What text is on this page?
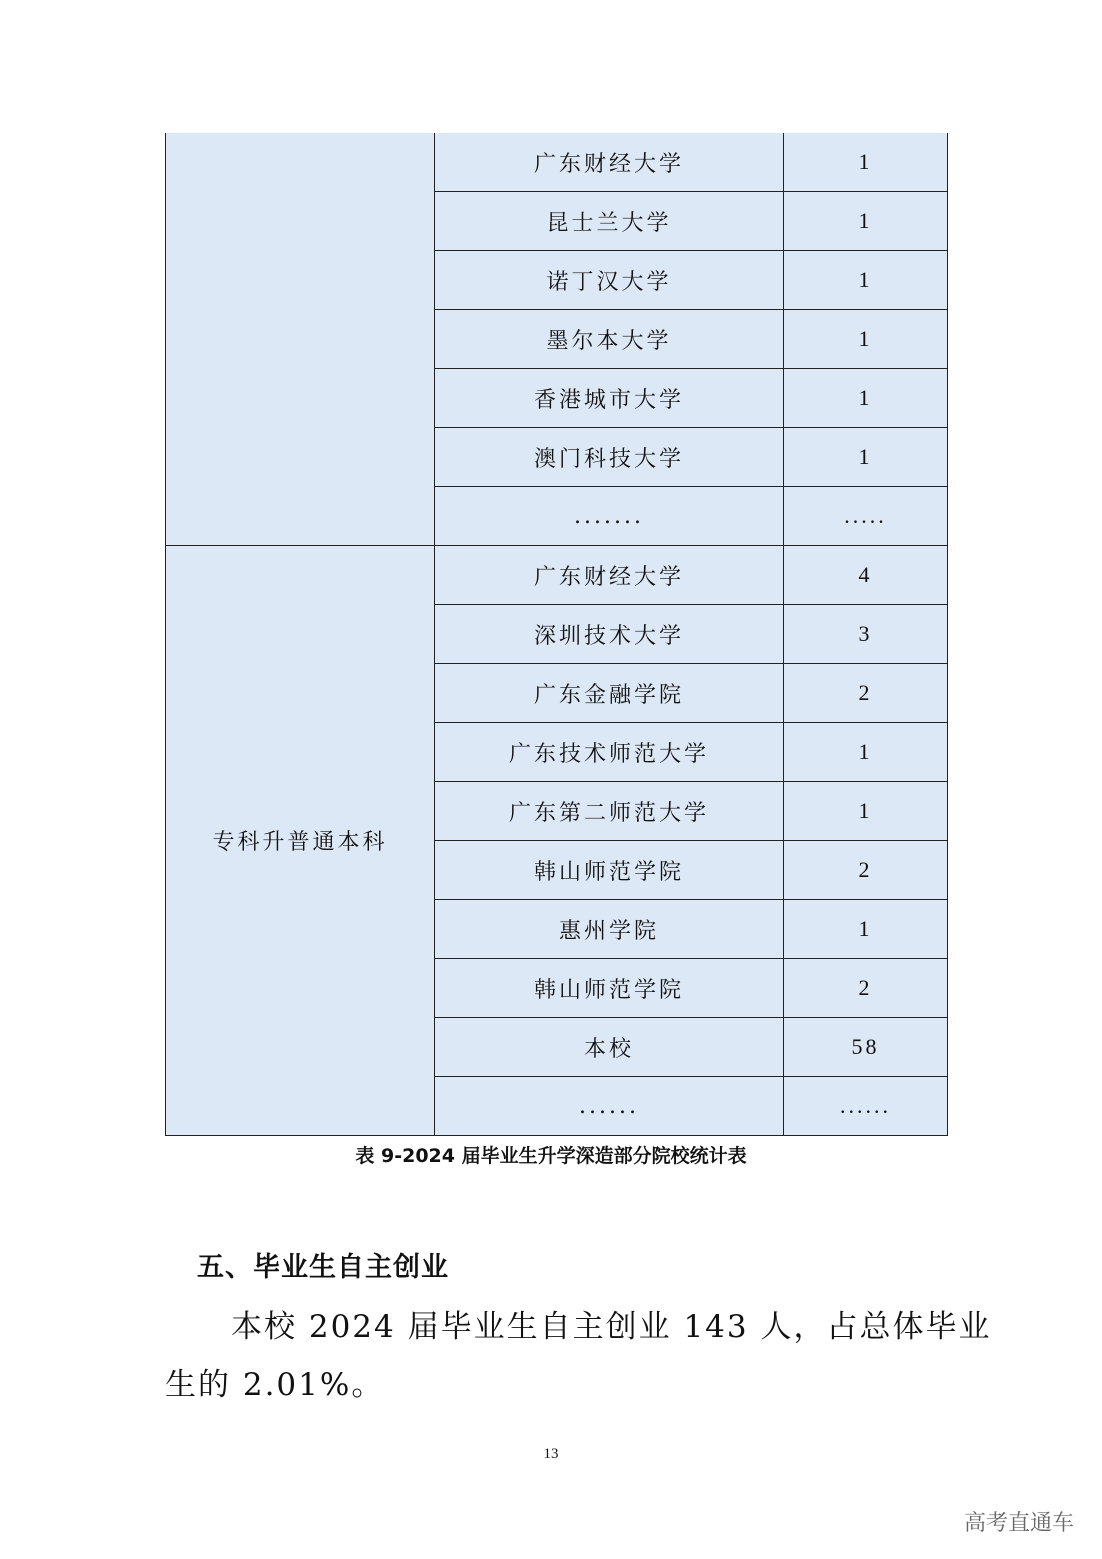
	广东财经大学	1
	昆士兰大学	1
	诺丁汉大学	1
	墨尔本大学	1
	香港城市大学	1
	澳门科技大学	1
	.......	.....
专科升普通本科	广东财经大学	4
	深圳技术大学	3
	广东金融学院	2
	广东技术师范大学	1
	广东第二师范大学	1
	韩山师范学院	2
	惠州学院	1
	韩山师范学院	2
	本校	58
	......	......
表 9-2024 届毕业生升学深造部分院校统计表
五、毕业生自主创业
本校 2024 届毕业生自主创业 143 人，占总体毕业
生的 2.01%。
13
高考直通车
